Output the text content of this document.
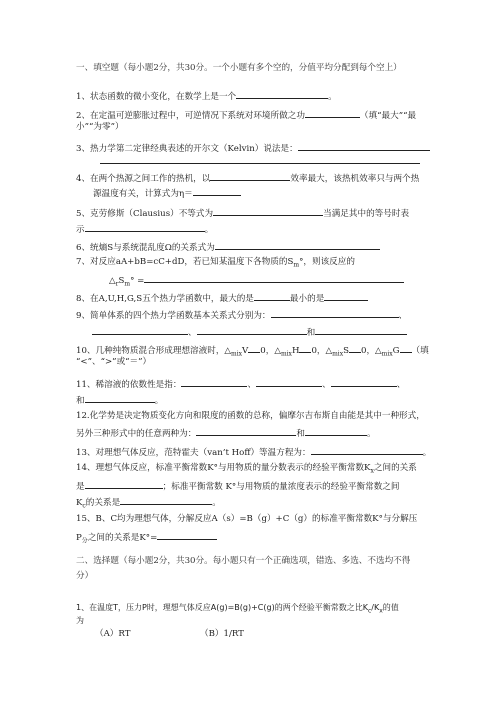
一、填空题（每小题2分，共30分。一个小题有多个空的，分值平均分配到每个空上）
1、状态函数的微小变化，在数学上是一个	。
2、在定温可逆膨胀过程中，可逆情况下系统对环境所做之功	（填“最大”“最
小”“为零”）
3、热力学第二定律经典表述的开尔文（Kelvin）说法是：
4、在两个热源之间工作的热机，以	效率最大，该热机效率只与两个热
源温度有关，计算式为η＝
5、克劳修斯（Clausius）不等式为	当满足其中的等号时表
示	。
6、统熵S与系统混乱度Ω的关系式为
7、对反应aA+bB=cC+dD，若已知某温度下各物质的$S_m^\circ$，则该反应的
$\triangle_rS_m^\circ$ =
8、在A,U,H,G,S五个热力学函数中，最大的是	最小的是
9、简单体系的四个热力学函数基本关系式分别为：	、
、	和
10、几种纯物质混合形成理想溶液时，$\triangle_{mix}V$ 0，$\triangle_{mix}H$ 0，$\triangle_{mix}S$ 0，$\triangle_{mix}G$ （填
“<”、“>”或“＝”）
11、稀溶液的依数性是指：	、	、	、
和	。
12.化学势是决定物质变化方向和限度的函数的总称，偏摩尔吉布斯自由能是其中一种形式，
另外三种形式中的任意两种为：	和	。
13、对理想气体反应，范特霍夫（van’t Hoff）等温方程为：	。
14、理想气体反应，标准平衡常数K°与用物质的量分数表示的经验平衡常数$K_x$之间的关系
是	；标准平衡常数 K°与用物质的量浓度表示的经验平衡常数之间
$K_c$的关系是	。
15、B、C均为理想气体，分解反应A（s）=B（g）+C（g）的标准平衡常数K°与分解压
$P_分$之间的关系是K°=
二、选择题（每小题2分，共30分。每小题只有一个正确选项，错选、多选、不选均不得
分）
1、在温度T，压力P时，理想气体反应A(g)=B(g)+C(g)的两个经验平衡常数之比$K_c/K_x$的值
为
（A）RT	（B）1/RT
